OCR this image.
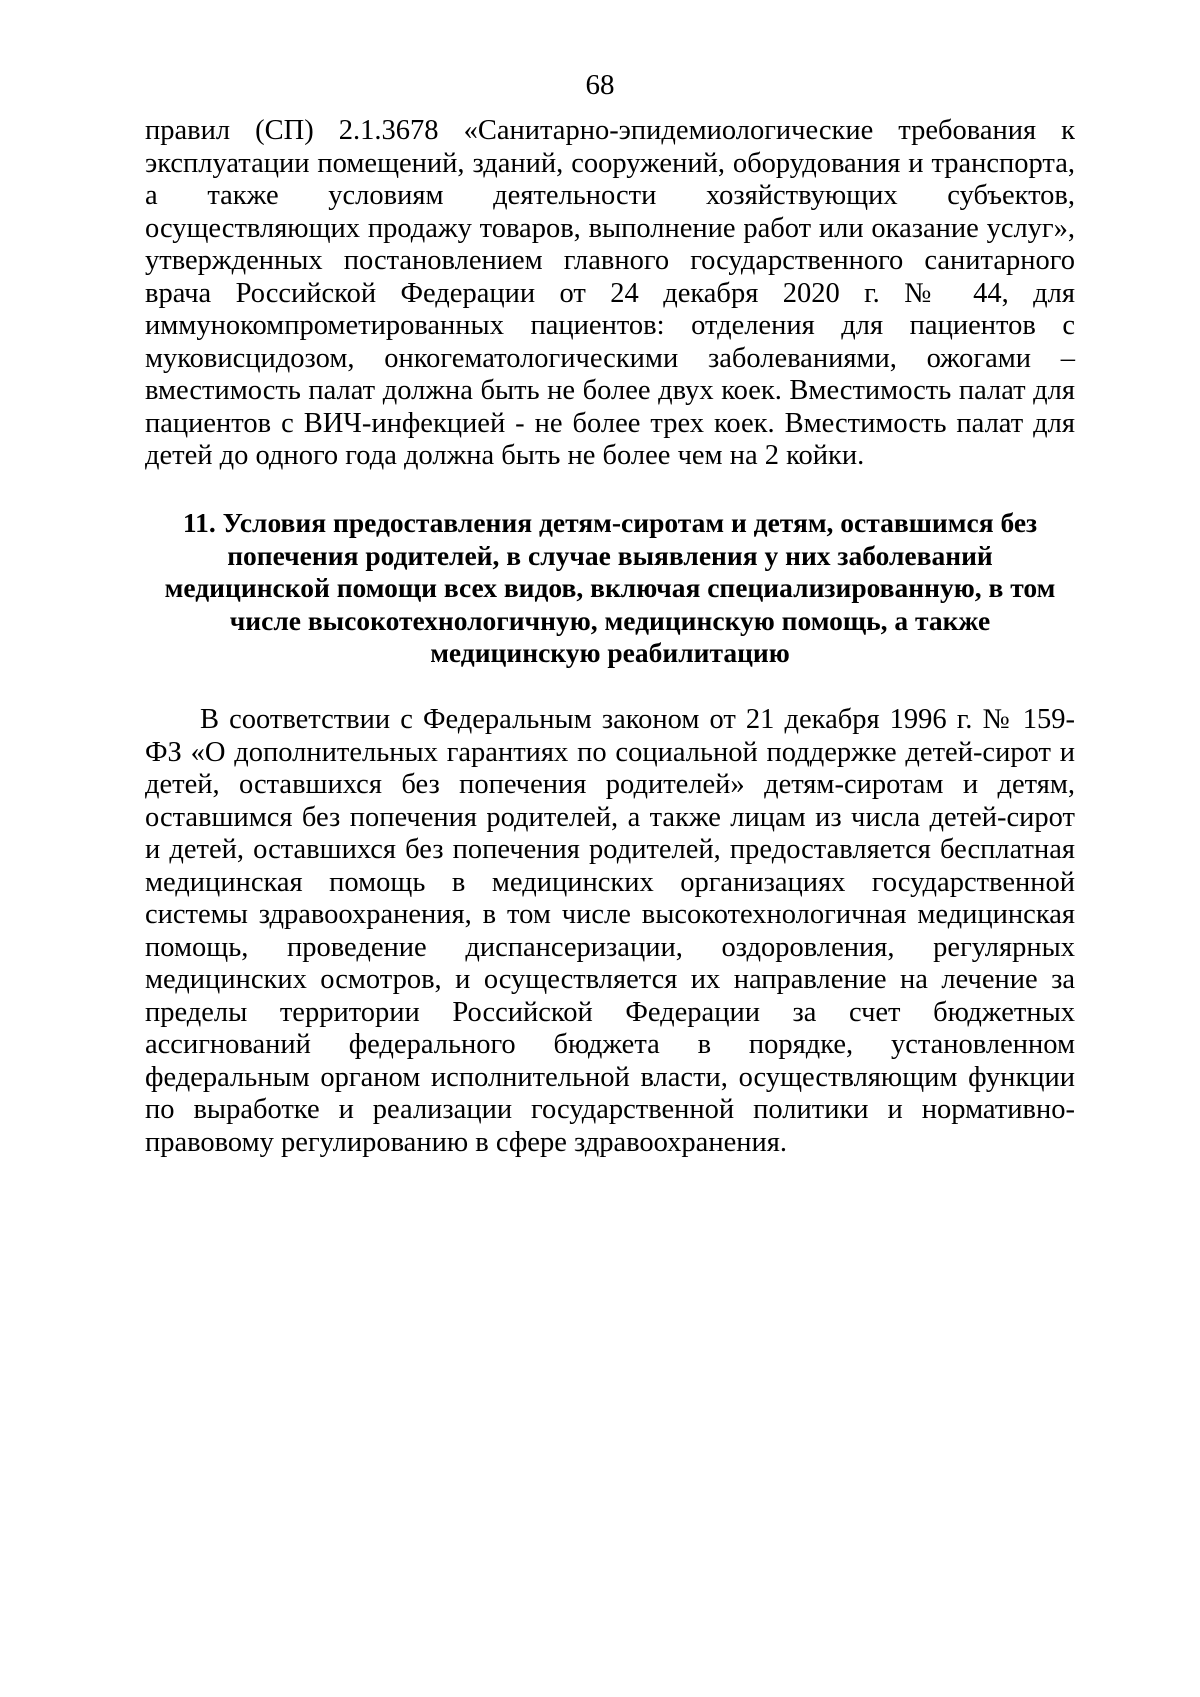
68
правил (СП) 2.1.3678 «Санитарно-эпидемиологические требования к эксплуатации помещений, зданий, сооружений, оборудования и транспорта, а также условиям деятельности хозяйствующих субъектов, осуществляющих продажу товаров, выполнение работ или оказание услуг», утвержденных постановлением главного государственного санитарного врача Российской Федерации от 24 декабря 2020 г. № 44, для иммунокомпрометированных пациентов: отделения для пациентов с муковисцидозом, онкогематологическими заболеваниями, ожогами – вместимость палат должна быть не более двух коек. Вместимость палат для пациентов с ВИЧ-инфекцией - не более трех коек. Вместимость палат для детей до одного года должна быть не более чем на 2 койки.
11. Условия предоставления детям-сиротам и детям, оставшимся без попечения родителей, в случае выявления у них заболеваний медицинской помощи всех видов, включая специализированную, в том числе высокотехнологичную, медицинскую помощь, а также медицинскую реабилитацию
В соответствии с Федеральным законом от 21 декабря 1996 г. № 159-ФЗ «О дополнительных гарантиях по социальной поддержке детей-сирот и детей, оставшихся без попечения родителей» детям-сиротам и детям, оставшимся без попечения родителей, а также лицам из числа детей-сирот и детей, оставшихся без попечения родителей, предоставляется бесплатная медицинская помощь в медицинских организациях государственной системы здравоохранения, в том числе высокотехнологичная медицинская помощь, проведение диспансеризации, оздоровления, регулярных медицинских осмотров, и осуществляется их направление на лечение за пределы территории Российской Федерации за счет бюджетных ассигнований федерального бюджета в порядке, установленном федеральным органом исполнительной власти, осуществляющим функции по выработке и реализации государственной политики и нормативно-правовому регулированию в сфере здравоохранения.
